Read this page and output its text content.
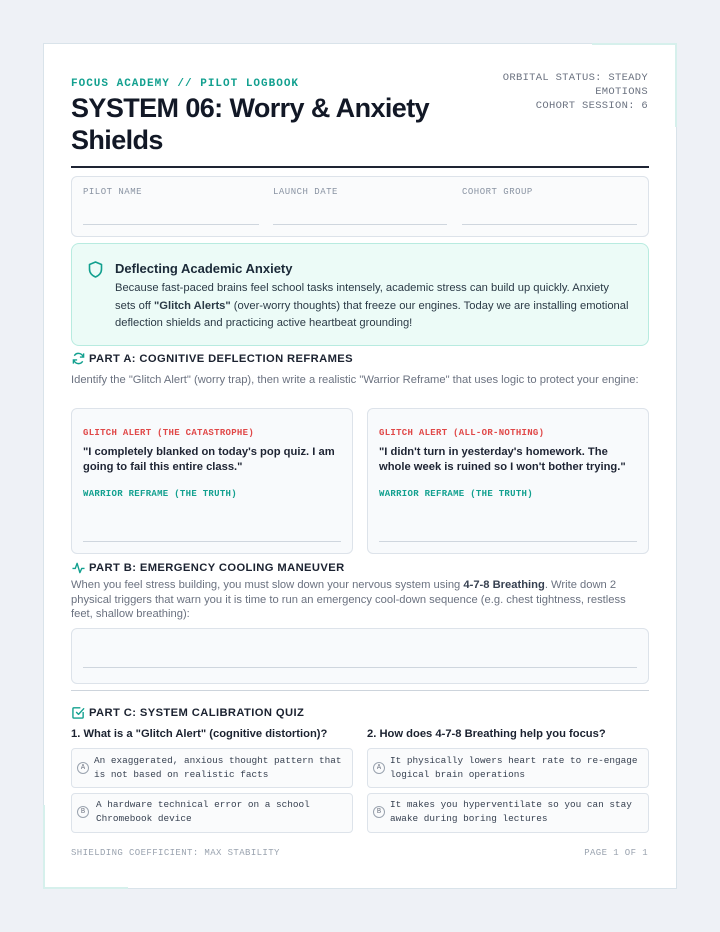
FOCUS ACADEMY // PILOT LOGBOOK
SYSTEM 06: Worry & Anxiety Shields
ORBITAL STATUS: STEADY
EMOTIONS
COHORT SESSION: 6
PILOT NAME	LAUNCH DATE	COHORT GROUP
Deflecting Academic Anxiety
Because fast-paced brains feel school tasks intensely, academic stress can build up quickly. Anxiety sets off "Glitch Alerts" (over-worry thoughts) that freeze our engines. Today we are installing emotional deflection shields and practicing active heartbeat grounding!
PART A: COGNITIVE DEFLECTION REFRAMES
Identify the "Glitch Alert" (worry trap), then write a realistic "Warrior Reframe" that uses logic to protect your engine:
GLITCH ALERT (THE CATASTROPHE)
"I completely blanked on today's pop quiz. I am going to fail this entire class."
WARRIOR REFRAME (THE TRUTH)
GLITCH ALERT (ALL-OR-NOTHING)
"I didn't turn in yesterday's homework. The whole week is ruined so I won't bother trying."
WARRIOR REFRAME (THE TRUTH)
PART B: EMERGENCY COOLING MANEUVER
When you feel stress building, you must slow down your nervous system using 4-7-8 Breathing. Write down 2 physical triggers that warn you it is time to run an emergency cool-down sequence (e.g. chest tightness, restless feet, shallow breathing):
PART C: SYSTEM CALIBRATION QUIZ
1. What is a "Glitch Alert" (cognitive distortion)?
A
An exaggerated, anxious thought pattern that is not based on realistic facts
B
A hardware technical error on a school Chromebook device
2. How does 4-7-8 Breathing help you focus?
A
It physically lowers heart rate to re-engage logical brain operations
B
It makes you hyperventilate so you can stay awake during boring lectures
SHIELDING COEFFICIENT: MAX STABILITY	PAGE 1 OF 1
